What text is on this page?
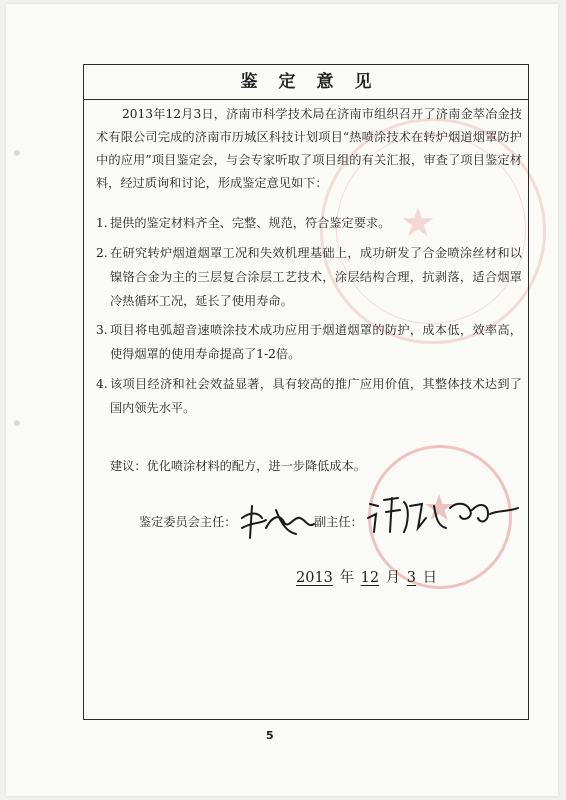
★
鉴定意见

2013年12月3日，济南市科学技术局在济南市组织召开了济南金萃冶金技术有限公司完成的济南市历城区科技计划项目“热喷涂技术在转炉烟道烟罩防护中的应用”项目鉴定会，与会专家听取了项目组的有关汇报，审查了项目鉴定材料，经过质询和讨论，形成鉴定意见如下：

1. 提供的鉴定材料齐全、完整、规范，符合鉴定要求。

2. 在研究转炉烟道烟罩工况和失效机理基础上，成功研发了合金喷涂丝材和以镍铬合金为主的三层复合涂层工艺技术，涂层结构合理，抗剥落，适合烟罩冷热循环工况，延长了使用寿命。
3. 项目将电弧超音速喷涂技术成功应用于烟道烟罩的防护，成本低，效率高，使得烟罩的使用寿命提高了1-2倍。
4. 该项目经济和社会效益显著，具有较高的推广应用价值，其整体技术达到了国内领先水平。

建议：优化喷涂材料的配方，进一步降低成本。

★
鉴定委员会主任：	副主任：
2013 年 12 月 3 日
5
